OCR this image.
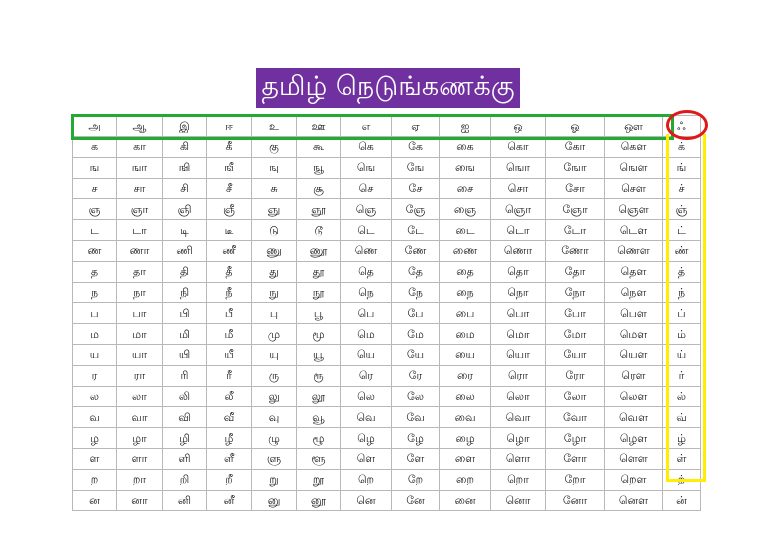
தமிழ் நெடுங்கணக்கு
அ	ஆ	இ	ஈ	உ	ஊ	எ	ஏ	ஐ	ஒ	ஓ	ஔ	ஃ
க	கா	கி	கீ	கு	கூ	கெ	கே	கை	கொ	கோ	கௌ	க்
ங	ஙா	ஙி	ஙீ	ஙு	ஙூ	ஙெ	ஙே	ஙை	ஙொ	ஙோ	ஙௌ	ங்
ச	சா	சி	சீ	சு	சூ	செ	சே	சை	சொ	சோ	சௌ	ச்
ஞ	ஞா	ஞி	ஞீ	ஞு	ஞூ	ஞெ	ஞே	ஞை	ஞொ	ஞோ	ஞௌ	ஞ்
ட	டா	டி	டீ	டு	டூ	டெ	டே	டை	டொ	டோ	டௌ	ட்
ண	ணா	ணி	ணீ	ணு	ணூ	ணெ	ணே	ணை	ணொ	ணோ	ணௌ	ண்
த	தா	தி	தீ	து	தூ	தெ	தே	தை	தொ	தோ	தௌ	த்
ந	நா	நி	நீ	நு	நூ	நெ	நே	நை	நொ	நோ	நௌ	ந்
ப	பா	பி	பீ	பு	பூ	பெ	பே	பை	பொ	போ	பௌ	ப்
ம	மா	மி	மீ	மு	மூ	மெ	மே	மை	மொ	மோ	மௌ	ம்
ய	யா	யி	யீ	யு	யூ	யெ	யே	யை	யொ	யோ	யௌ	ய்
ர	ரா	ரி	ரீ	ரு	ரூ	ரெ	ரே	ரை	ரொ	ரோ	ரௌ	ர்
ல	லா	லி	லீ	லு	லூ	லெ	லே	லை	லொ	லோ	லௌ	ல்
வ	வா	வி	வீ	வு	வூ	வெ	வே	வை	வொ	வோ	வௌ	வ்
ழ	ழா	ழி	ழீ	ழு	ழூ	ழெ	ழே	ழை	ழொ	ழோ	ழௌ	ழ்
ள	ளா	ளி	ளீ	ளு	ளூ	ளெ	ளே	ளை	ளொ	ளோ	ளௌ	ள்
ற	றா	றி	றீ	று	றூ	றெ	றே	றை	றொ	றோ	றௌ	ற்
ன	னா	னி	னீ	னு	னூ	னெ	னே	னை	னொ	னோ	னௌ	ன்
